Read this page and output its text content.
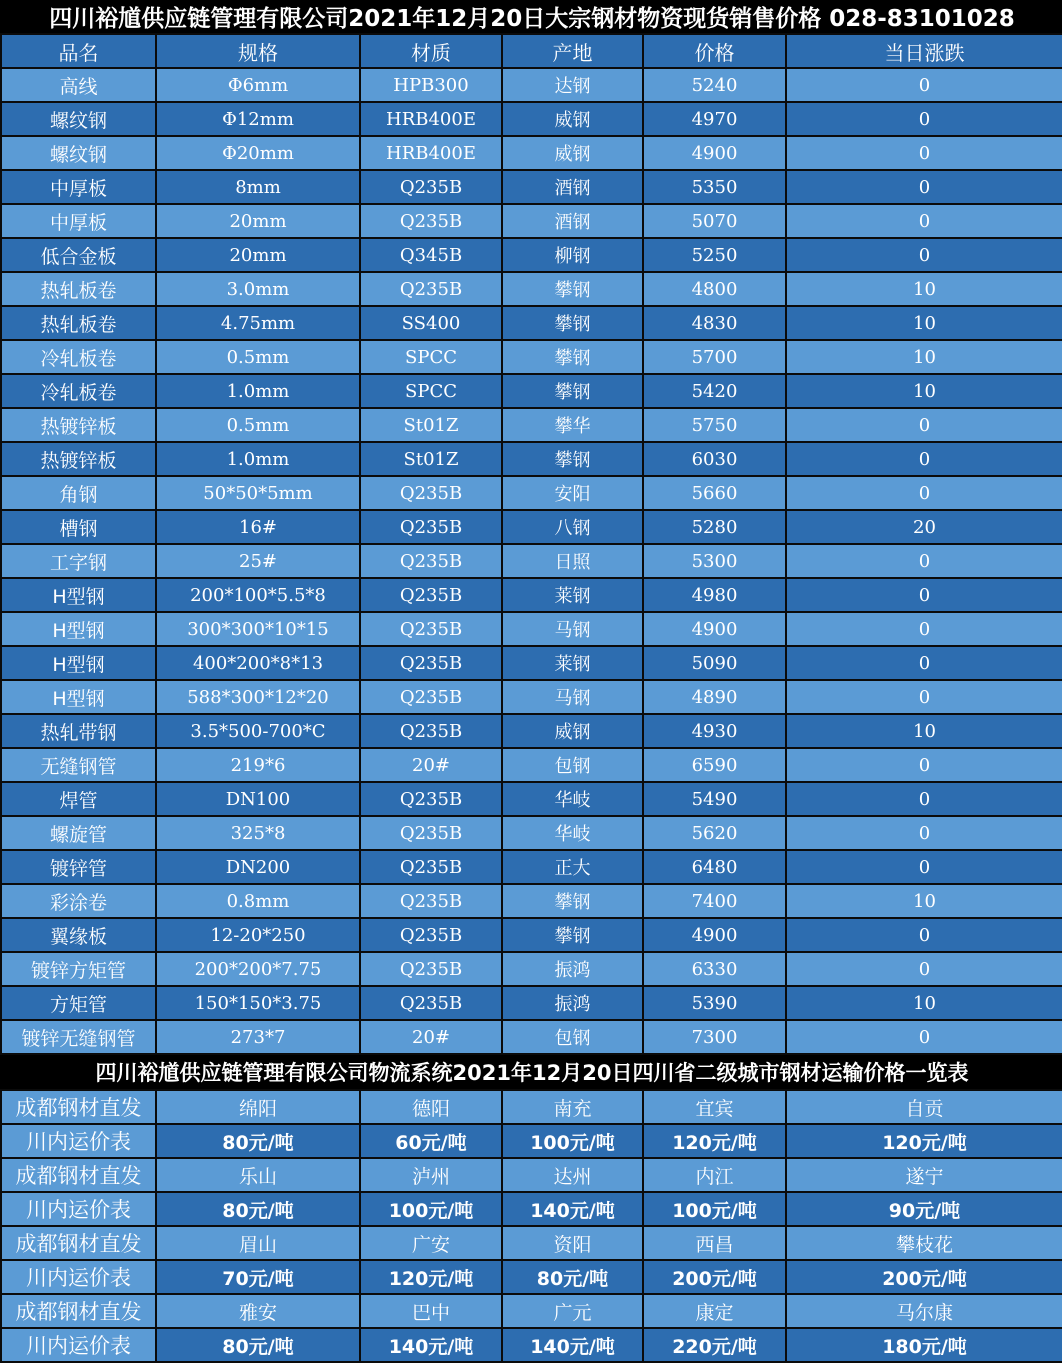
四川裕馗供应链管理有限公司2021年12月20日大宗钢材物资现货销售价格 028-83101028					
品名	规格	材质	产地	价格	当日涨跌
高线	Φ6mm	HPB300	达钢	5240	0
螺纹钢	Φ12mm	HRB400E	威钢	4970	0
螺纹钢	Φ20mm	HRB400E	威钢	4900	0
中厚板	8mm	Q235B	酒钢	5350	0
中厚板	20mm	Q235B	酒钢	5070	0
低合金板	20mm	Q345B	柳钢	5250	0
热轧板卷	3.0mm	Q235B	攀钢	4800	10
热轧板卷	4.75mm	SS400	攀钢	4830	10
冷轧板卷	0.5mm	SPCC	攀钢	5700	10
冷轧板卷	1.0mm	SPCC	攀钢	5420	10
热镀锌板	0.5mm	St01Z	攀华	5750	0
热镀锌板	1.0mm	St01Z	攀钢	6030	0
角钢	50*50*5mm	Q235B	安阳	5660	0
槽钢	16#	Q235B	八钢	5280	20
工字钢	25#	Q235B	日照	5300	0
H型钢	200*100*5.5*8	Q235B	莱钢	4980	0
H型钢	300*300*10*15	Q235B	马钢	4900	0
H型钢	400*200*8*13	Q235B	莱钢	5090	0
H型钢	588*300*12*20	Q235B	马钢	4890	0
热轧带钢	3.5*500-700*C	Q235B	威钢	4930	10
无缝钢管	219*6	20#	包钢	6590	0
焊管	DN100	Q235B	华岐	5490	0
螺旋管	325*8	Q235B	华岐	5620	0
镀锌管	DN200	Q235B	正大	6480	0
彩涂卷	0.8mm	Q235B	攀钢	7400	10
翼缘板	12-20*250	Q235B	攀钢	4900	0
镀锌方矩管	200*200*7.75	Q235B	振鸿	6330	0
方矩管	150*150*3.75	Q235B	振鸿	5390	10
镀锌无缝钢管	273*7	20#	包钢	7300	0
四川裕馗供应链管理有限公司物流系统2021年12月20日四川省二级城市钢材运输价格一览表					
成都钢材直发	绵阳	德阳	南充	宜宾	自贡
川内运价表	80元/吨	60元/吨	100元/吨	120元/吨	120元/吨
成都钢材直发	乐山	泸州	达州	内江	遂宁
川内运价表	80元/吨	100元/吨	140元/吨	100元/吨	90元/吨
成都钢材直发	眉山	广安	资阳	西昌	攀枝花
川内运价表	70元/吨	120元/吨	80元/吨	200元/吨	200元/吨
成都钢材直发	雅安	巴中	广元	康定	马尔康
川内运价表	80元/吨	140元/吨	140元/吨	220元/吨	180元/吨
